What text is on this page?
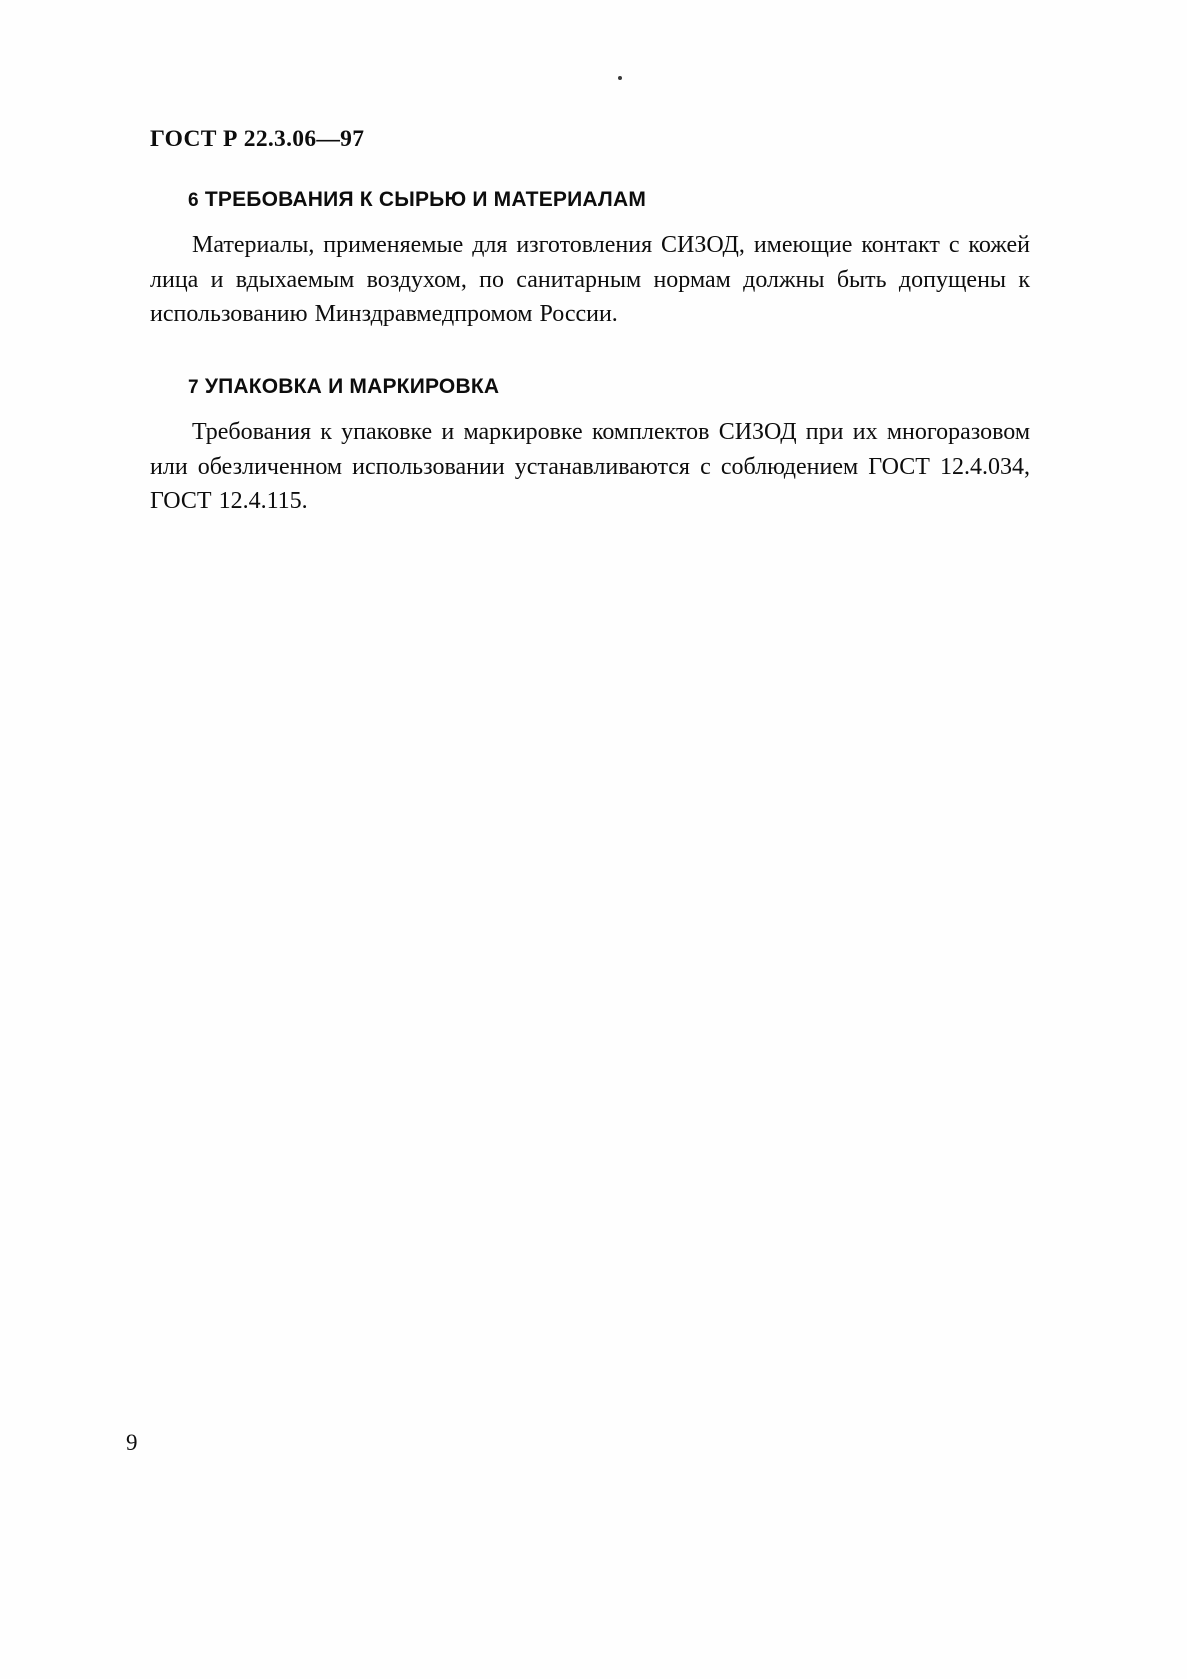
ГОСТ Р 22.3.06—97
6 ТРЕБОВАНИЯ К СЫРЬЮ И МАТЕРИАЛАМ
Материалы, применяемые для изготовления СИЗОД, имеющие контакт с кожей лица и вдыхаемым воздухом, по санитарным нормам должны быть допущены к использованию Минздравмедпромом России.
7 УПАКОВКА И МАРКИРОВКА
Требования к упаковке и маркировке комплектов СИЗОД при их многоразовом или обезличенном использовании устанавливаются с соблюдением ГОСТ 12.4.034, ГОСТ 12.4.115.
9
